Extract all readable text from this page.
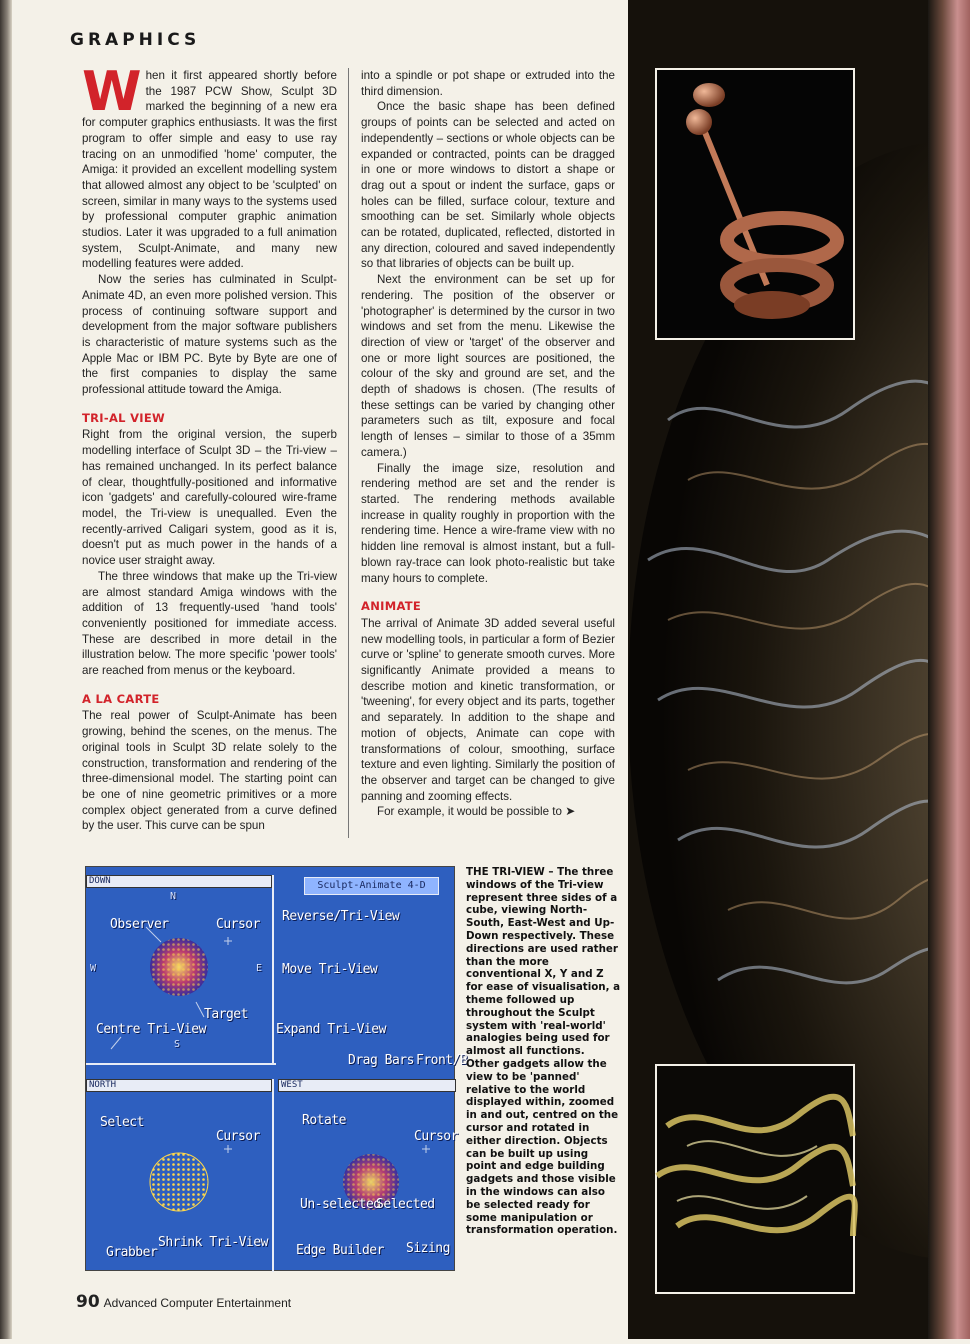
GRAPHICS

When it first appeared shortly before the 1987 PCW Show, Sculpt 3D marked the beginning of a new era for computer graphics enthusiasts. It was the first program to offer simple and easy to use ray tracing on an unmodified 'home' computer, the Amiga: it provided an excellent modelling system that allowed almost any object to be 'sculpted' on screen, similar in many ways to the systems used by professional computer graphic animation studios. Later it was upgraded to a full animation system, Sculpt-Animate, and many new modelling features were added.

Now the series has culminated in Sculpt-Animate 4D, an even more polished version. This process of continuing software support and development from the major software publishers is characteristic of mature systems such as the Apple Mac or IBM PC. Byte by Byte are one of the first companies to display the same professional attitude toward the Amiga.

TRI-AL VIEW

Right from the original version, the superb modelling interface of Sculpt 3D – the Tri-view – has remained unchanged. In its perfect balance of clear, thoughtfully-positioned and informative icon 'gadgets' and carefully-coloured wire-frame model, the Tri-view is unequalled. Even the recently-arrived Caligari system, good as it is, doesn't put as much power in the hands of a novice user straight away.

The three windows that make up the Tri-view are almost standard Amiga windows with the addition of 13 frequently-used 'hand tools' conveniently positioned for immediate access. These are described in more detail in the illustration below. The more specific 'power tools' are reached from menus or the keyboard.

A LA CARTE

The real power of Sculpt-Animate has been growing, behind the scenes, on the menus. The original tools in Sculpt 3D relate solely to the construction, transformation and rendering of the three-dimensional model. The starting point can be one of nine geometric primitives or a more complex object generated from a curve defined by the user. This curve can be spun

into a spindle or pot shape or extruded into the third dimension.

Once the basic shape has been defined groups of points can be selected and acted on independently – sections or whole objects can be expanded or contracted, points can be dragged in one or more windows to distort a shape or drag out a spout or indent the surface, gaps or holes can be filled, surface colour, texture and smoothing can be set. Similarly whole objects can be rotated, duplicated, reflected, distorted in any direction, coloured and saved independently so that libraries of objects can be built up.

Next the environment can be set up for rendering. The position of the observer or 'photographer' is determined by the cursor in two windows and set from the menu. Likewise the direction of view or 'target' of the observer and one or more light sources are positioned, the colour of the sky and ground are set, and the depth of shadows is chosen. (The results of these settings can be varied by changing other parameters such as tilt, exposure and focal length of lenses – similar to those of a 35mm camera.)

Finally the image size, resolution and rendering method are set and the render is started. The rendering methods available increase in quality roughly in proportion with the rendering time. Hence a wire-frame view with no hidden line removal is almost instant, but a full-blown ray-trace can look photo-realistic but take many hours to complete.

ANIMATE

The arrival of Animate 3D added several useful new modelling tools, in particular a form of Bezier curve or 'spline' to generate smooth curves. More significantly Animate provided a means to describe motion and kinetic transformation, or 'tweening', for every object and its parts, together and separately. In addition to the shape and motion of objects, Animate can cope with transformations of colour, smoothing, surface texture and even lighting. Similarly the position of the observer and target can be changed to give panning and zooming effects.

For example, it would be possible to ➤

DOWN	Sculpt-Animate 4-D
NORTH	WEST
Observer	Cursor
Target
Centre Tri-View
Reverse/Tri-View
Move Tri-View
Expand Tri-View
Drag Bars Front/B
Select
Cursor
Rotate
Cursor
Un-selected
Selected
Shrink Tri-View
Grabber	Edge Builder Sizing
N
S
E
W
THE TRI-VIEW – The three windows of the Tri-view represent three sides of a cube, viewing North-South, East-West and Up-Down respectively. These directions are used rather than the more conventional X, Y and Z for ease of visualisation, a theme followed up throughout the Sculpt system with 'real-world' analogies being used for almost all functions. Other gadgets allow the view to be 'panned' relative to the world displayed within, zoomed in and out, centred on the cursor and rotated in either direction. Objects can be built up using point and edge building gadgets and those visible in the windows can also be selected ready for some manipulation or transformation operation.
90 Advanced Computer Entertainment
